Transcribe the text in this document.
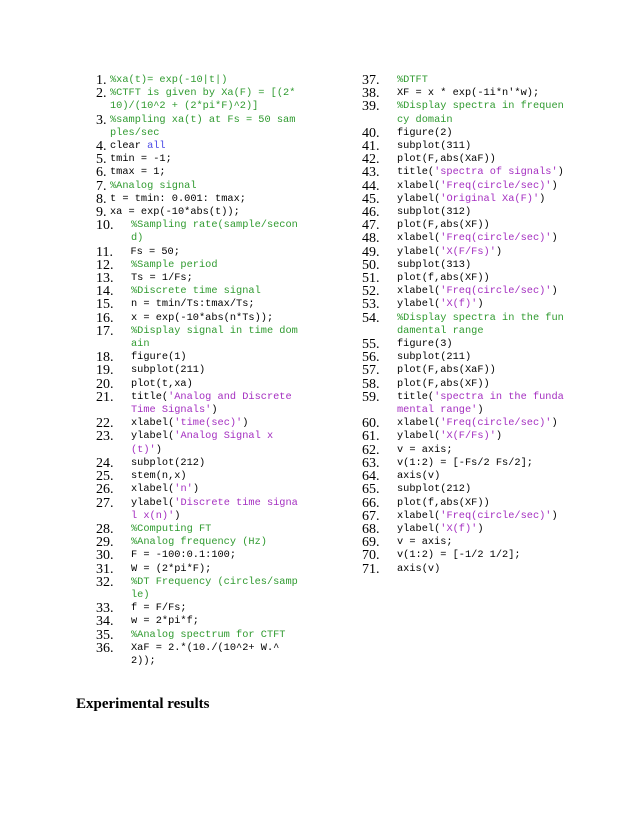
1.
%xa(t)= exp(-10|t|)
2.
%CTFT is given by Xa(F) = [(2*10)/(10^2 + (2*pi*F)^2)]
3.
%sampling xa(t) at Fs = 50 samples/sec
4.
clear all
5.
tmin = -1;
6.
tmax = 1;
7.
%Analog signal
8.
t = tmin: 0.001: tmax;
9.
xa = exp(-10*abs(t));
10.
%Sampling rate(sample/second)
11.
Fs = 50;
12.
%Sample period
13.
Ts = 1/Fs;
14.
%Discrete time signal
15.
n = tmin/Ts:tmax/Ts;
16.
x = exp(-10*abs(n*Ts));
17.
%Display signal in time domain
18.
figure(1)
19.
subplot(211)
20.
plot(t,xa)
21.
title('Analog and Discrete Time Signals')
22.
xlabel('time(sec)')
23.
ylabel('Analog Signal x(t)')
24.
subplot(212)
25.
stem(n,x)
26.
xlabel('n')
27.
ylabel('Discrete time signal x(n)')
28.
%Computing FT
29.
%Analog frequency (Hz)
30.
F = -100:0.1:100;
31.
W = (2*pi*F);
32.
%DT Frequency (circles/sample)
33.
f = F/Fs;
34.
w = 2*pi*f;
35.
%Analog spectrum for CTFT
36.
XaF = 2.*(10./(10^2+ W.^2));
37.
%DTFT
38.
XF = x * exp(-1i*n'*w);
39.
%Display spectra in frequency domain
40.
figure(2)
41.
subplot(311)
42.
plot(F,abs(XaF))
43.
title('spectra of signals')
44.
xlabel('Freq(circle/sec)')
45.
ylabel('Original Xa(F)')
46.
subplot(312)
47.
plot(F,abs(XF))
48.
xlabel('Freq(circle/sec)')
49.
ylabel('X(F/Fs)')
50.
subplot(313)
51.
plot(f,abs(XF))
52.
xlabel('Freq(circle/sec)')
53.
ylabel('X(f)')
54.
%Display spectra in the fundamental range
55.
figure(3)
56.
subplot(211)
57.
plot(F,abs(XaF))
58.
plot(F,abs(XF))
59.
title('spectra in the fundamental range')
60.
xlabel('Freq(circle/sec)')
61.
ylabel('X(F/Fs)')
62.
v = axis;
63.
v(1:2) = [-Fs/2 Fs/2];
64.
axis(v)
65.
subplot(212)
66.
plot(f,abs(XF))
67.
xlabel('Freq(circle/sec)')
68.
ylabel('X(f)')
69.
v = axis;
70.
v(1:2) = [-1/2 1/2];
71.
axis(v)
Experimental results
